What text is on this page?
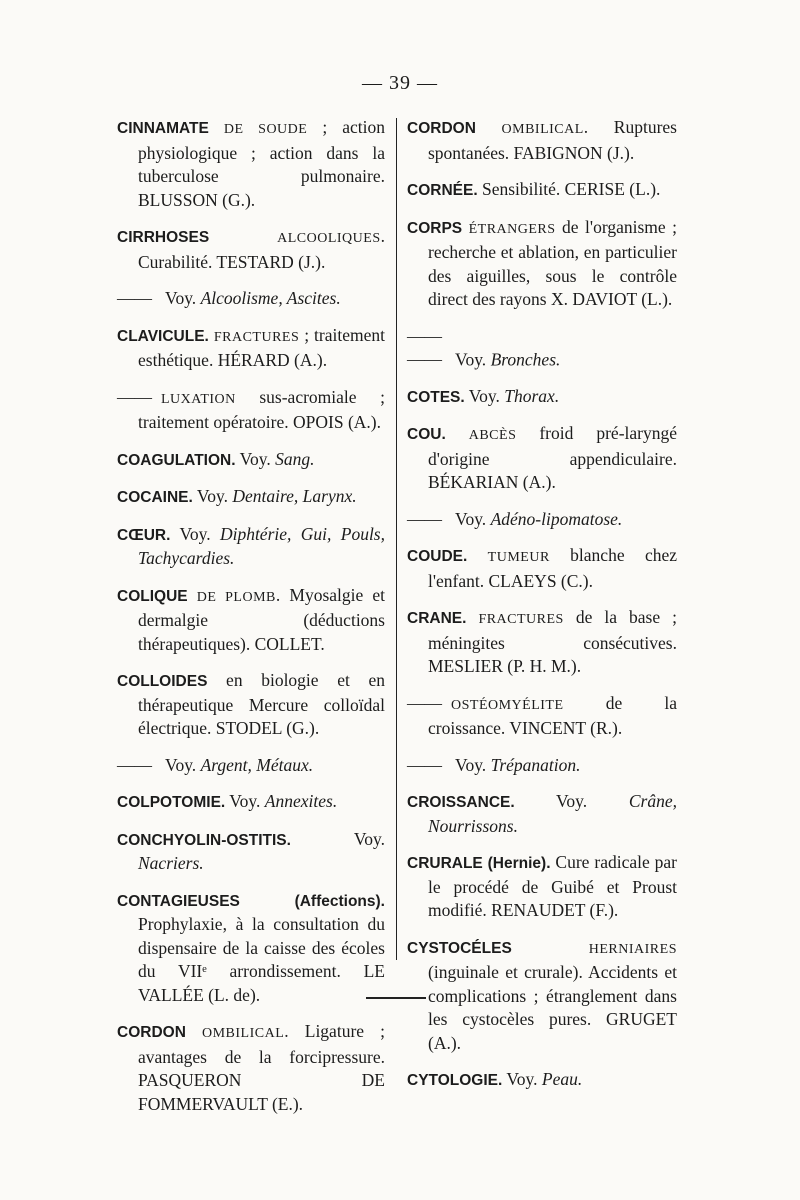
— 39 —
CINNAMATE DE SOUDE ; action physiologique ; action dans la tuberculose pulmonaire. BLUSSON (G.).
CIRRHOSES	ALCOOLIQUES. Curabilité. TESTARD (J.).
—— Voy. Alcoolisme, Ascites.
CLAVICULE. FRACTURES ; traitement esthétique. HÉRARD (A.).
—— LUXATION sus-acromiale ; traitement opératoire. OPOIS (A.).
COAGULATION. Voy. Sang.
COCAINE. Voy. Dentaire, Larynx.
CŒUR. Voy. Diphtérie, Gui, Pouls, Tachycardies.
COLIQUE DE PLOMB. Myosalgie et dermalgie (déductions thérapeutiques). COLLET.
COLLOIDES en biologie et en thérapeutique Mercure colloïdal électrique. STODEL (G.).
—— Voy. Argent, Métaux.
COLPOTOMIE. Voy. Annexites.
CONCHYOLIN-OSTITIS. Voy. Nacriers.
CONTAGIEUSES (Affections). Prophylaxie, à la consultation du dispensaire de la caisse des écoles du VIIᵉ arrondissement. LE VALLÉE (L. de).
CORDON OMBILICAL. Ligature ; avantages de la forcipressure. PASQUERON DE FOMMERVAULT (E.).
CORDON OMBILICAL. Ruptures spontanées. FABIGNON (J.).
CORNÉE. Sensibilité. CERISE (L.).
CORPS ÉTRANGERS de l'organisme ; recherche et ablation, en particulier des aiguilles, sous le contrôle direct des rayons X. DAVIOT (L.).
—— —— Voy. Bronches.
COTES. Voy. Thorax.
COU. ABCÈS froid pré-laryngé d'origine appendiculaire. BÉKARIAN (A.).
—— Voy. Adéno-lipomatose.
COUDE. TUMEUR blanche chez l'enfant. CLAEYS (C.).
CRANE. FRACTURES de la base ; méningites consécutives. MESLIER (P. H. M.).
—— OSTÉOMYÉLITE de la croissance. VINCENT (R.).
—— Voy. Trépanation.
CROISSANCE. Voy. Crâne, Nourrissons.
CRURALE (Hernie). Cure radicale par le procédé de Guibé et Proust modifié. RENAUDET (F.).
CYSTOCÉLES	HERNIAIRES (inguinale et crurale). Accidents et complications ; étranglement dans les cystocèles pures. GRUGET (A.).
CYTOLOGIE. Voy. Peau.
